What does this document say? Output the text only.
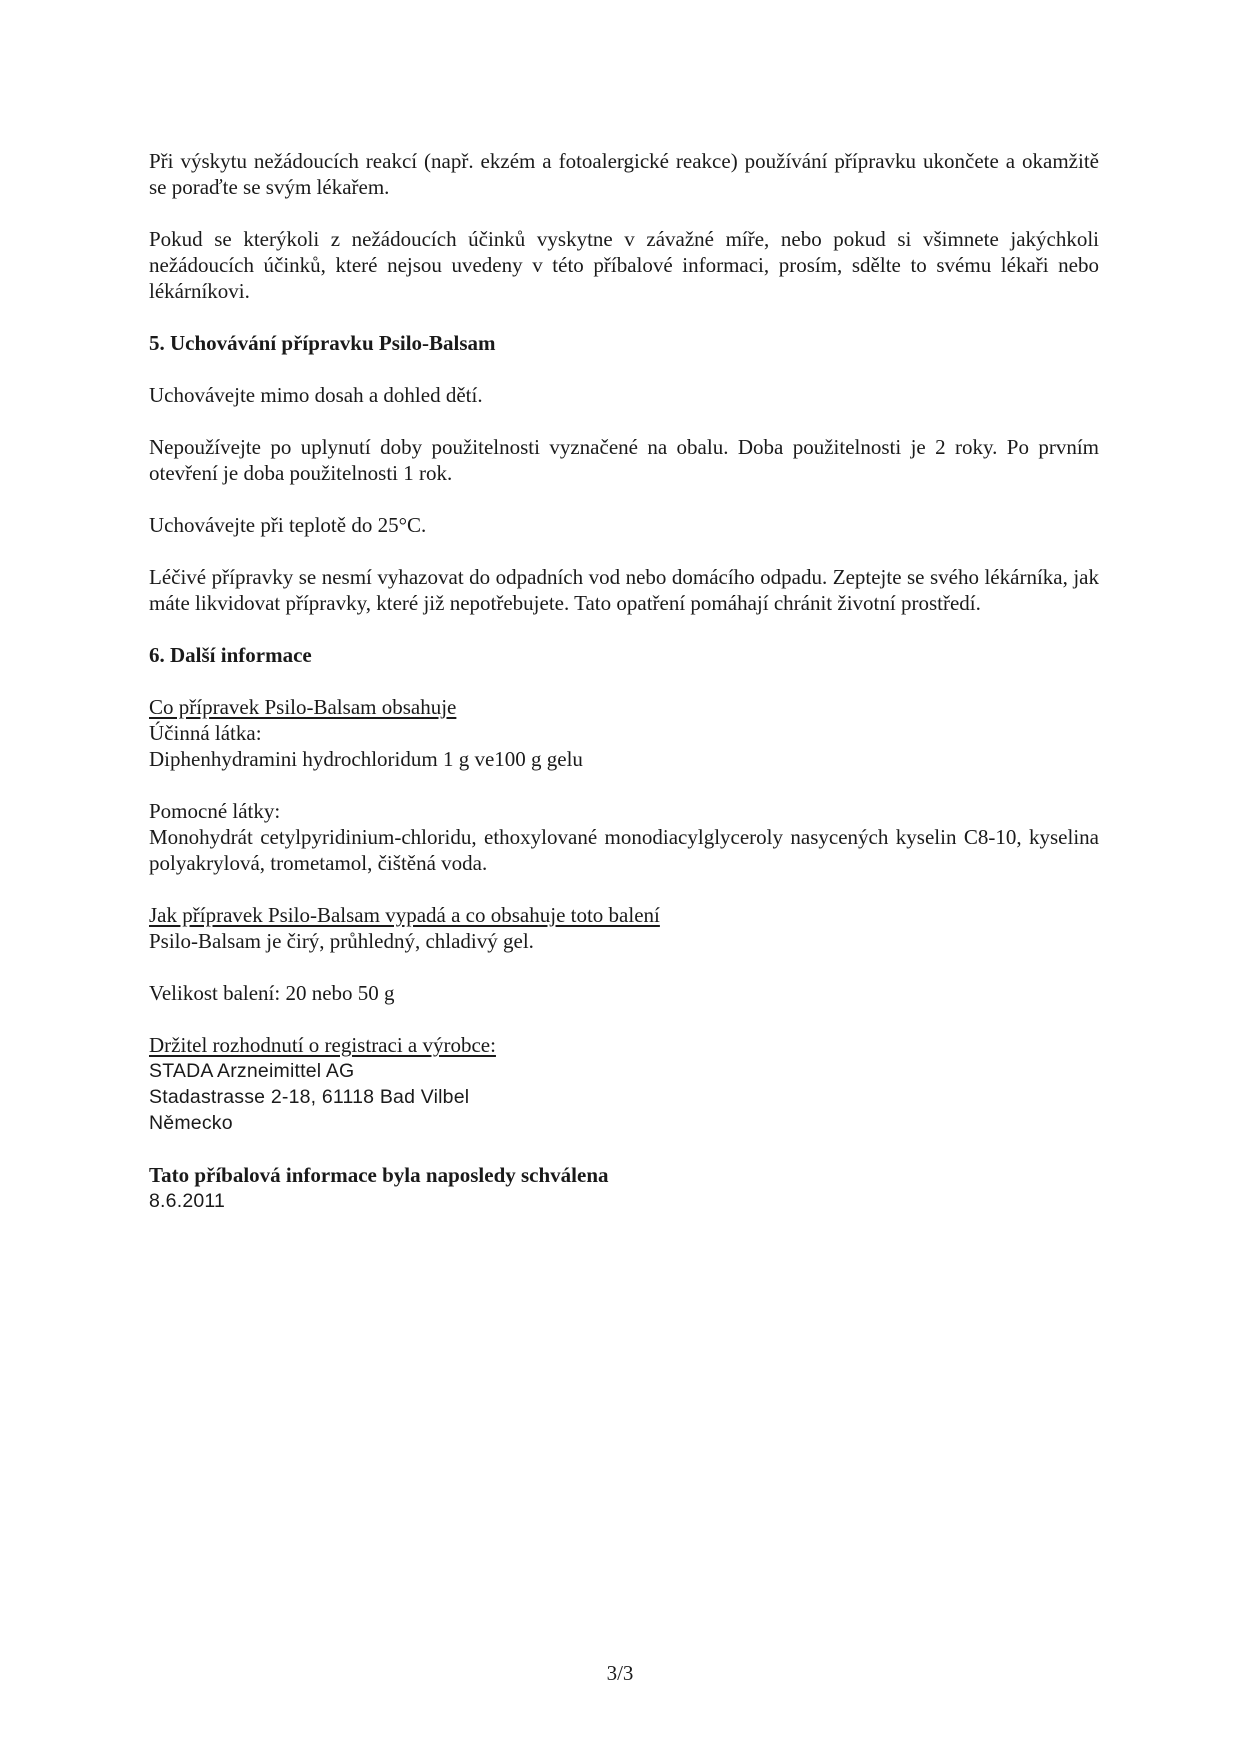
Při výskytu nežádoucích reakcí (např. ekzém a fotoalergické reakce) používání přípravku ukončete a okamžitě se poraďte se svým lékařem.

Pokud se kterýkoli z nežádoucích účinků vyskytne v závažné míře, nebo pokud si všimnete jakýchkoli nežádoucích účinků, které nejsou uvedeny v této příbalové informaci, prosím, sdělte to svému lékaři nebo lékárníkovi.

5. Uchovávání přípravku Psilo-Balsam

Uchovávejte mimo dosah a dohled dětí.

Nepoužívejte po uplynutí doby použitelnosti vyznačené na obalu. Doba použitelnosti je 2 roky. Po prvním otevření je doba použitelnosti 1 rok.

Uchovávejte při teplotě do 25°C.

Léčivé přípravky se nesmí vyhazovat do odpadních vod nebo domácího odpadu. Zeptejte se svého lékárníka, jak máte likvidovat přípravky, které již nepotřebujete. Tato opatření pomáhají chránit životní prostředí.

6. Další informace

Co přípravek Psilo-Balsam obsahuje
Účinná látka:
Diphenhydramini hydrochloridum 1 g ve100 g gelu
Pomocné látky:

Monohydrát cetylpyridinium-chloridu, ethoxylované monodiacylglyceroly nasycených kyselin C8-10, kyselina polyakrylová, trometamol, čištěná voda.

Jak přípravek Psilo-Balsam vypadá a co obsahuje toto balení
Psilo-Balsam je čirý, průhledný, chladivý gel.

Velikost balení: 20 nebo 50 g

Držitel rozhodnutí o registraci a výrobce:
STADA Arzneimittel AG
Stadastrasse 2-18, 61118 Bad Vilbel
Německo
Tato příbalová informace byla naposledy schválena
8.6.2011
3/3
